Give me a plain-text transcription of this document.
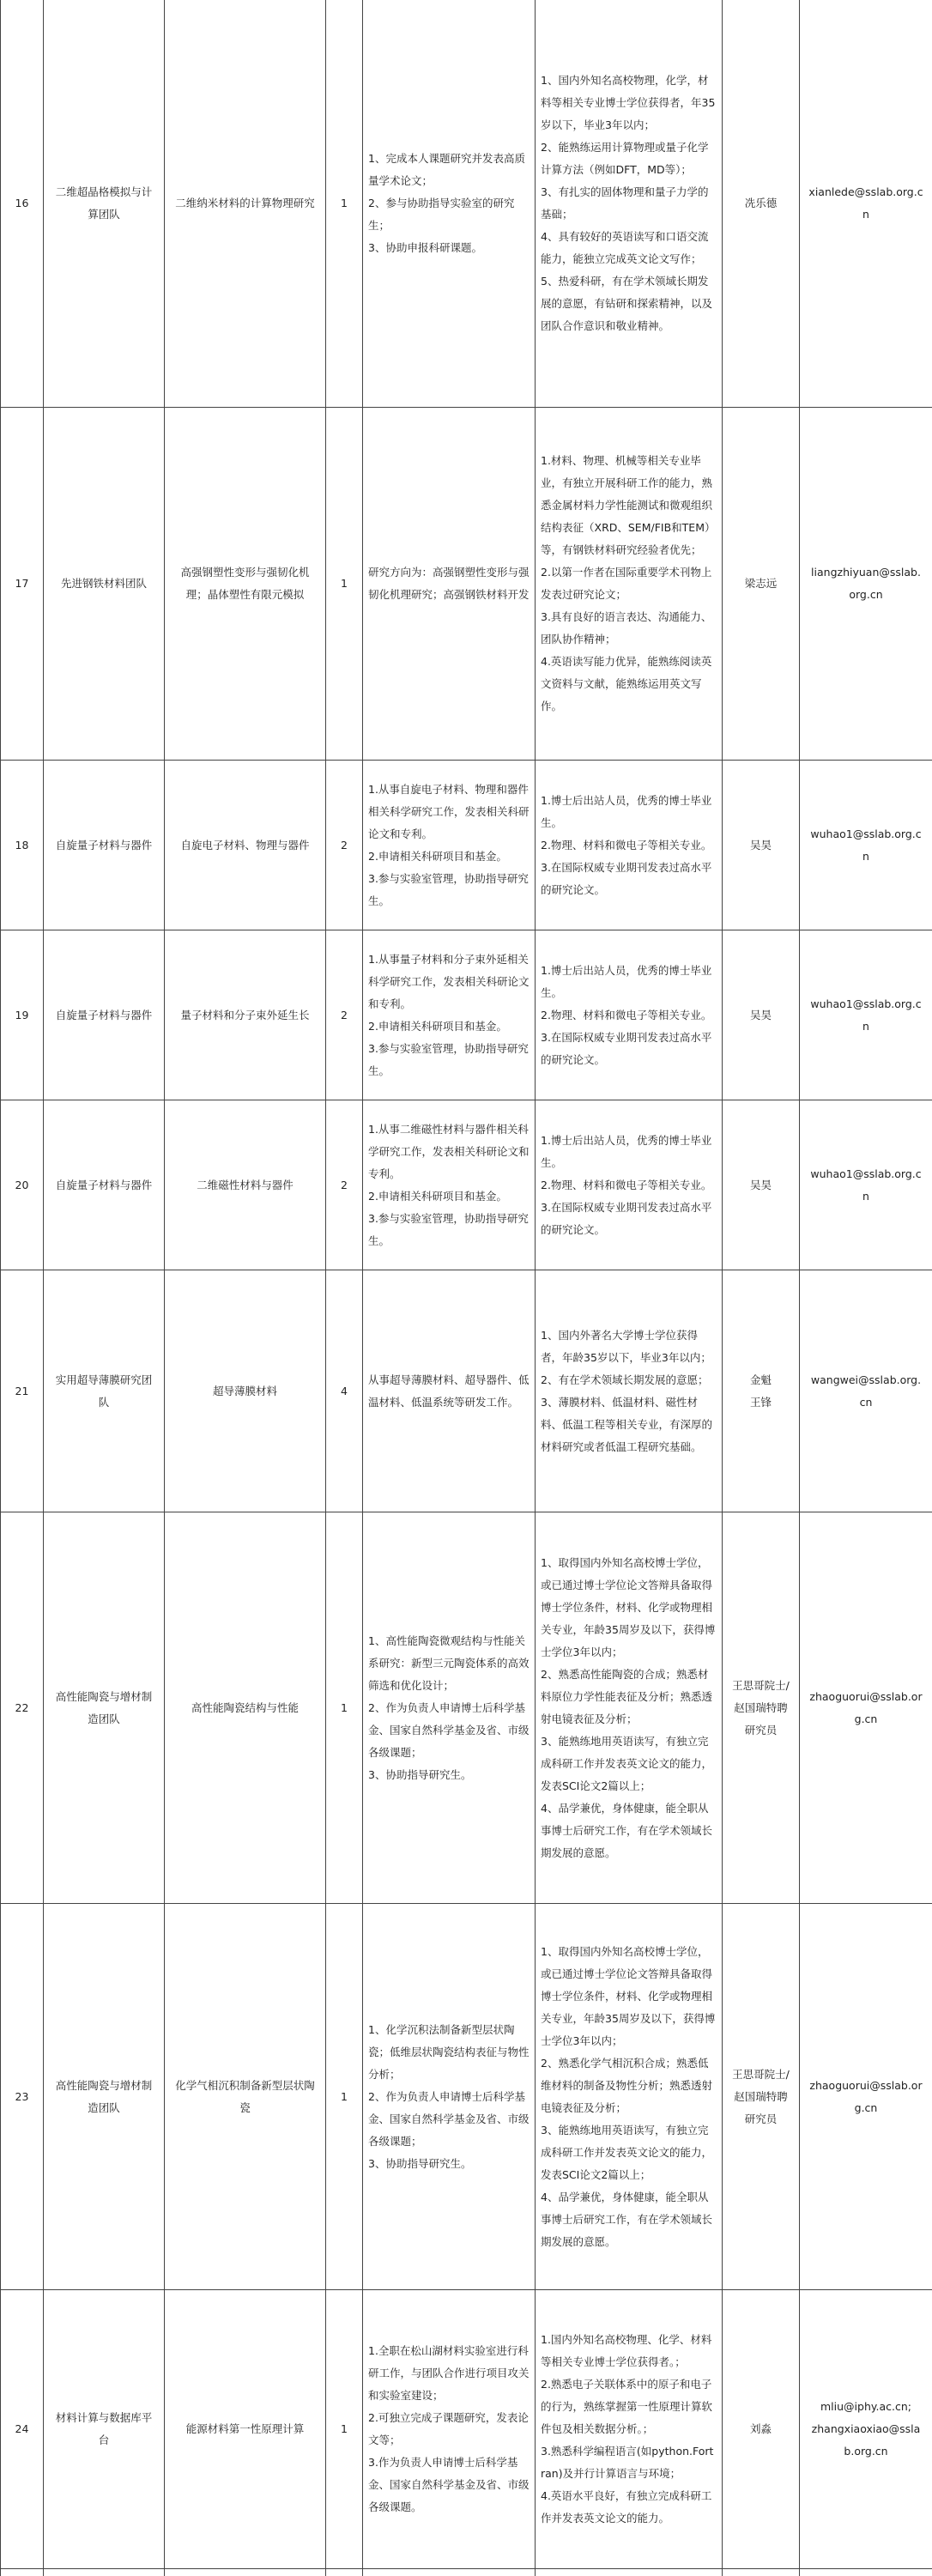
16	二维超晶格模拟与计算团队	二维纳米材料的计算物理研究	1	1、完成本人课题研究并发表高质量学术论文；
2、参与协助指导实验室的研究生；
3、协助申报科研课题。	1、国内外知名高校物理，化学，材料等相关专业博士学位获得者，年35岁以下，毕业3年以内；
2、能熟练运用计算物理或量子化学计算方法（例如DFT，MD等）；
3、有扎实的固体物理和量子力学的基础；
4、具有较好的英语读写和口语交流能力，能独立完成英文论文写作；
5、热爱科研，有在学术领域长期发展的意愿，有钻研和探索精神，以及团队合作意识和敬业精神。	冼乐德	xianlede@sslab.org.cn
17	先进钢铁材料团队	高强钢塑性变形与强韧化机理；晶体塑性有限元模拟	1	研究方向为：高强钢塑性变形与强韧化机理研究；高强钢铁材料开发	1.材料、物理、机械等相关专业毕业，有独立开展科研工作的能力，熟悉金属材料力学性能测试和微观组织结构表征（XRD、SEM/FIB和TEM）等，有钢铁材料研究经验者优先；
2.以第一作者在国际重要学术刊物上发表过研究论文；
3.具有良好的语言表达、沟通能力、团队协作精神；
4.英语读写能力优异，能熟练阅读英文资料与文献，能熟练运用英文写作。	梁志远	liangzhiyuan@sslab.org.cn
18	自旋量子材料与器件	自旋电子材料、物理与器件	2	1.从事自旋电子材料、物理和器件相关科学研究工作，发表相关科研论文和专利。
2.申请相关科研项目和基金。
3.参与实验室管理，协助指导研究生。	1.博士后出站人员，优秀的博士毕业生。
2.物理、材料和微电子等相关专业。
3.在国际权威专业期刊发表过高水平的研究论文。	吴昊	wuhao1@sslab.org.cn
19	自旋量子材料与器件	量子材料和分子束外延生长	2	1.从事量子材料和分子束外延相关科学研究工作，发表相关科研论文和专利。
2.申请相关科研项目和基金。
3.参与实验室管理，协助指导研究生。	1.博士后出站人员，优秀的博士毕业生。
2.物理、材料和微电子等相关专业。
3.在国际权威专业期刊发表过高水平的研究论文。	吴昊	wuhao1@sslab.org.cn
20	自旋量子材料与器件	二维磁性材料与器件	2	1.从事二维磁性材料与器件相关科学研究工作，发表相关科研论文和专利。
2.申请相关科研项目和基金。
3.参与实验室管理，协助指导研究生。	1.博士后出站人员，优秀的博士毕业生。
2.物理、材料和微电子等相关专业。
3.在国际权威专业期刊发表过高水平的研究论文。	吴昊	wuhao1@sslab.org.cn
21	实用超导薄膜研究团队	超导薄膜材料	4	从事超导薄膜材料、超导器件、低温材料、低温系统等研发工作。	1、国内外著名大学博士学位获得者，年龄35岁以下，毕业3年以内；
2、有在学术领域长期发展的意愿；
3、薄膜材料、低温材料、磁性材料、低温工程等相关专业，有深厚的材料研究或者低温工程研究基础。	金魁
王锋	wangwei@sslab.org.cn
22	高性能陶瓷与增材制造团队	高性能陶瓷结构与性能	1	1、高性能陶瓷微观结构与性能关系研究：新型三元陶瓷体系的高效筛选和优化设计；
2、作为负责人申请博士后科学基金、国家自然科学基金及省、市级各级课题；
3、协助指导研究生。	1、取得国内外知名高校博士学位，或已通过博士学位论文答辩具备取得博士学位条件，材料、化学或物理相关专业，年龄35周岁及以下，获得博士学位3年以内；
2、熟悉高性能陶瓷的合成；熟悉材料原位力学性能表征及分析；熟悉透射电镜表征及分析；
3、能熟练地用英语读写，有独立完成科研工作并发表英文论文的能力，发表SCI论文2篇以上；
4、品学兼优，身体健康，能全职从事博士后研究工作，有在学术领域长期发展的意愿。	王思哥院士/赵国瑞特聘研究员	zhaoguorui@sslab.org.cn
23	高性能陶瓷与增材制造团队	化学气相沉积制备新型层状陶瓷	1	1、化学沉积法制备新型层状陶瓷；低维层状陶瓷结构表征与物性分析；
2、作为负责人申请博士后科学基金、国家自然科学基金及省、市级各级课题；
3、协助指导研究生。	1、取得国内外知名高校博士学位，或已通过博士学位论文答辩具备取得博士学位条件，材料、化学或物理相关专业，年龄35周岁及以下，获得博士学位3年以内；
2、熟悉化学气相沉积合成；熟悉低维材料的制备及物性分析；熟悉透射电镜表征及分析；
3、能熟练地用英语读写，有独立完成科研工作并发表英文论文的能力，发表SCI论文2篇以上；
4、品学兼优，身体健康，能全职从事博士后研究工作，有在学术领域长期发展的意愿。	王思哥院士/赵国瑞特聘研究员	zhaoguorui@sslab.org.cn
24	材料计算与数据库平台	能源材料第一性原理计算	1	1.全职在松山湖材料实验室进行科研工作，与团队合作进行项目攻关和实验室建设；
2.可独立完成子课题研究，发表论文等；
3.作为负责人申请博士后科学基金、国家自然科学基金及省、市级各级课题。	1.国内外知名高校物理、化学、材料等相关专业博士学位获得者。；
2.熟悉电子关联体系中的原子和电子的行为，熟练掌握第一性原理计算软件包及相关数据分析。；
3.熟悉科学编程语言(如python.Fortran)及并行计算语言与环境；
4.英语水平良好，有独立完成科研工作并发表英文论文的能力。	刘淼	mliu@iphy.ac.cn;
zhangxiaoxiao@sslab.org.cn
